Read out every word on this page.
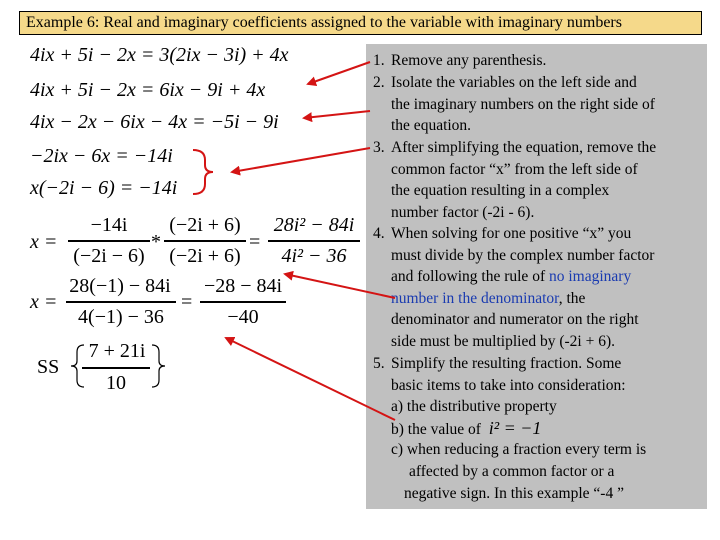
Example 6: Real and imaginary coefficients assigned to the variable with imaginary numbers
4ix + 5i − 2x = 3(2ix − 3i) + 4x
4ix + 5i − 2x = 6ix − 9i + 4x
4ix − 2x − 6ix − 4x = −5i − 9i
−2ix − 6x = −14i
x(−2i − 6) = −14i
x =
−14i
(−2i − 6)
*
(−2i + 6)
(−2i + 6)
=
28i² − 84i
4i² − 36
x =
28(−1) − 84i
4(−1) − 36
=
−28 − 84i
−40
SS
7 + 21i
10
1. Remove any parenthesis.
2. Isolate the variables on the left side and
the imaginary numbers on the right side of
the equation.
3. After simplifying the equation, remove the
common factor “x” from the left side of
the equation resulting in a complex
number factor (-2i - 6).
4. When solving for one positive “x” you
must divide by the complex number factor
and following the rule of no imaginary
number in the denominator, the
denominator and numerator on the right
side must be multiplied by (-2i + 6).
5. Simplify the resulting fraction. Some
basic items to take into consideration:
a) the distributive property
b) the value of i² = −1
c) when reducing a fraction every term is
affected by a common factor or a
negative sign. In this example “-4 ”
